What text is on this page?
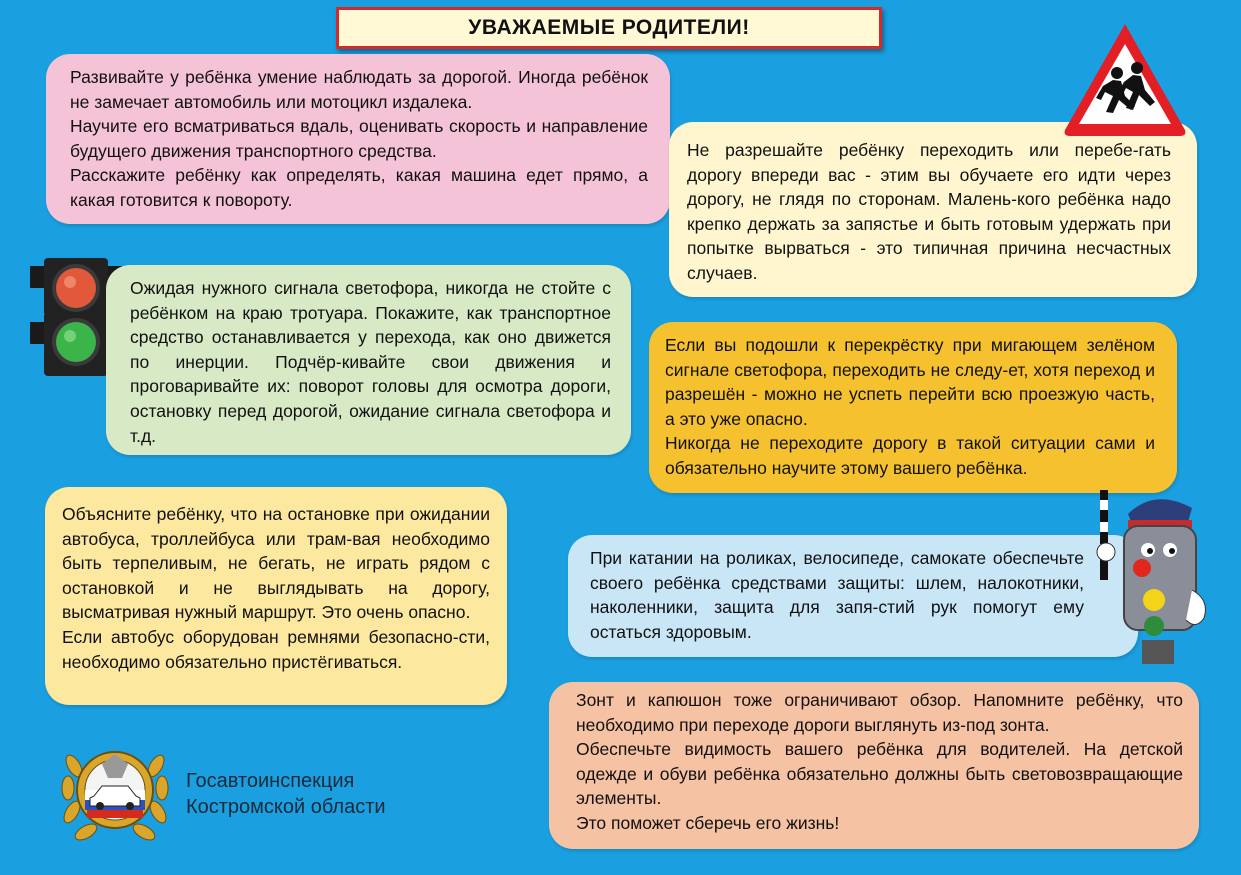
УВАЖАЕМЫЕ РОДИТЕЛИ!

Развивайте у ребёнка умение наблюдать за дорогой. Иногда ребёнок не замечает автомобиль или мотоцикл издалека.

Научите его всматриваться вдаль, оценивать скорость и направление будущего движения транспортного средства.

Расскажите ребёнку как определять, какая машина едет прямо, а какая готовится к повороту.

Не разрешайте ребёнку переходить или перебе-гать дорогу впереди вас - этим вы обучаете его идти через дорогу, не глядя по сторонам. Малень-кого ребёнка надо крепко держать за запястье и быть готовым удержать при попытке вырваться - это типичная причина несчастных случаев.

Ожидая нужного сигнала светофора, никогда не стойте с ребёнком на краю тротуара. Покажите, как транспортное средство останавливается у перехода, как оно движется по инерции. Подчёр-кивайте свои движения и проговаривайте их: поворот головы для осмотра дороги, остановку перед дорогой, ожидание сигнала светофора и т.д.

Если вы подошли к перекрёстку при мигающем зелёном сигнале светофора, переходить не следу-ет, хотя переход и разрешён - можно не успеть перейти всю проезжую часть, а это уже опасно.

Никогда не переходите дорогу в такой ситуации сами и обязательно научите этому вашего ребёнка.

Объясните ребёнку, что на остановке при ожидании автобуса, троллейбуса или трам-вая необходимо быть терпеливым, не бегать, не играть рядом с остановкой и не выглядывать на дорогу, высматривая нужный маршрут. Это очень опасно.

Если автобус оборудован ремнями безопасно-сти, необходимо обязательно пристёгиваться.

При катании на роликах, велосипеде, самокате обеспечьте своего ребёнка средствами защиты: шлем, налокотники, наколенники, защита для запя-стий рук помогут ему остаться здоровым.

Зонт и капюшон тоже ограничивают обзор. Напомните ребёнку, что необходимо при переходе дороги выглянуть из-под зонта.

Обеспечьте видимость вашего ребёнка для водителей. На детской одежде и обуви ребёнка обязательно должны быть световозвращающие элементы.

Это поможет сберечь его жизнь!

Госавтоинспекция
Костромской области
